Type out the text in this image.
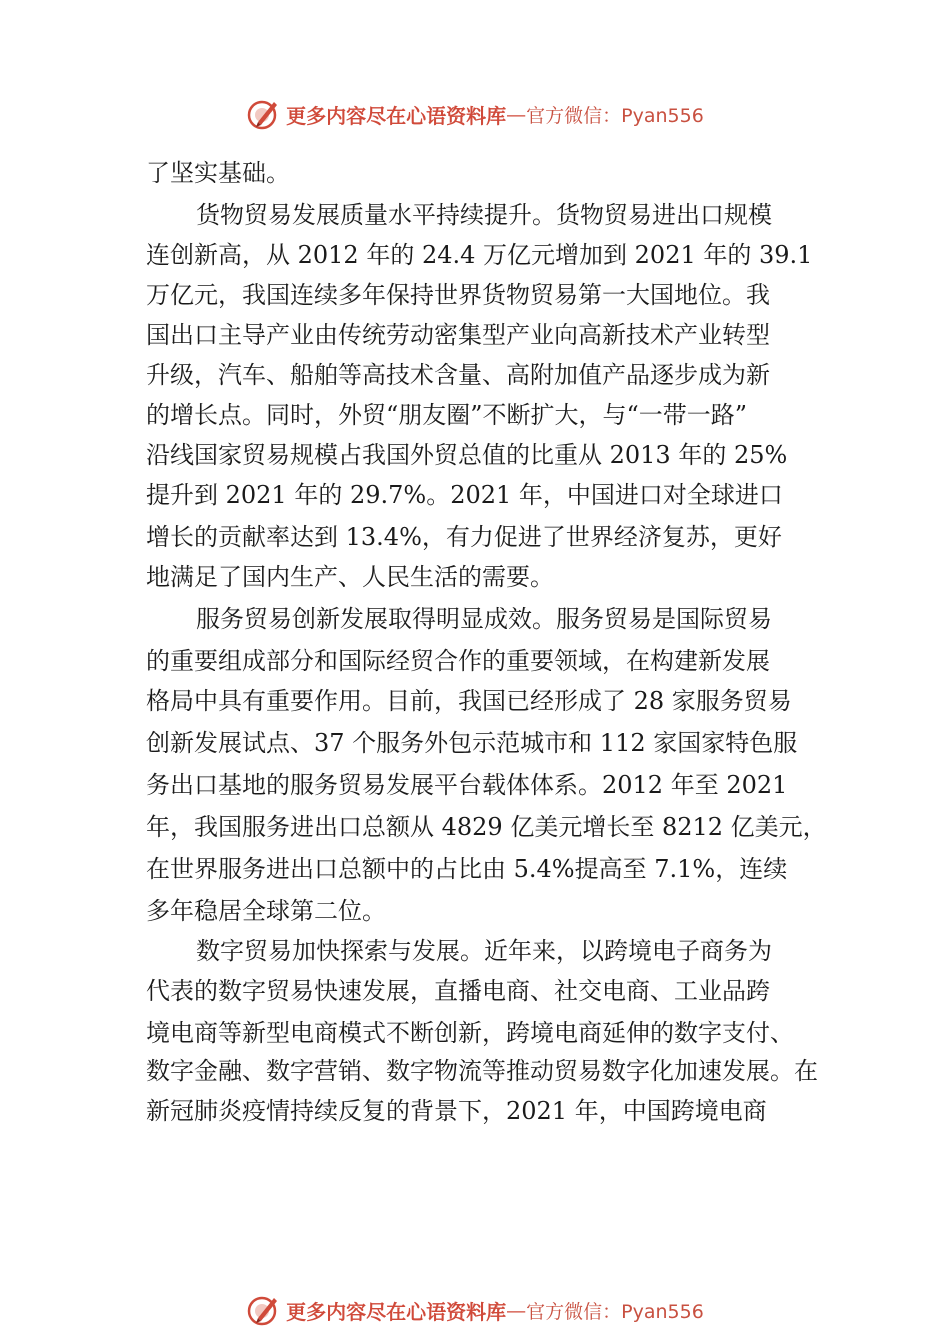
更多内容尽在心语资料库 — 官方微信：Pyan556
了坚实基础。
货物贸易发展质量水平持续提升。货物贸易进出口规模
连创新高，从 2012 年的 24.4 万亿元增加到 2021 年的 39.1
万亿元，我国连续多年保持世界货物贸易第一大国地位。我
国出口主导产业由传统劳动密集型产业向高新技术产业转型
升级，汽车、船舶等高技术含量、高附加值产品逐步成为新
的增长点。同时，外贸“朋友圈”不断扩大，与“一带一路”
沿线国家贸易规模占我国外贸总值的比重从 2013 年的 25%
提升到 2021 年的 29.7%。2021 年，中国进口对全球进口
增长的贡献率达到 13.4%，有力促进了世界经济复苏，更好
地满足了国内生产、人民生活的需要。
服务贸易创新发展取得明显成效。服务贸易是国际贸易
的重要组成部分和国际经贸合作的重要领域，在构建新发展
格局中具有重要作用。目前，我国已经形成了 28 家服务贸易
创新发展试点、37 个服务外包示范城市和 112 家国家特色服
务出口基地的服务贸易发展平台载体体系。2012 年至 2021
年，我国服务进出口总额从 4829 亿美元增长至 8212 亿美元，
在世界服务进出口总额中的占比由 5.4%提高至 7.1%，连续
多年稳居全球第二位。
数字贸易加快探索与发展。近年来，以跨境电子商务为
代表的数字贸易快速发展，直播电商、社交电商、工业品跨
境电商等新型电商模式不断创新，跨境电商延伸的数字支付、
数字金融、数字营销、数字物流等推动贸易数字化加速发展。在
新冠肺炎疫情持续反复的背景下，2021 年，中国跨境电商
更多内容尽在心语资料库 — 官方微信：Pyan556
